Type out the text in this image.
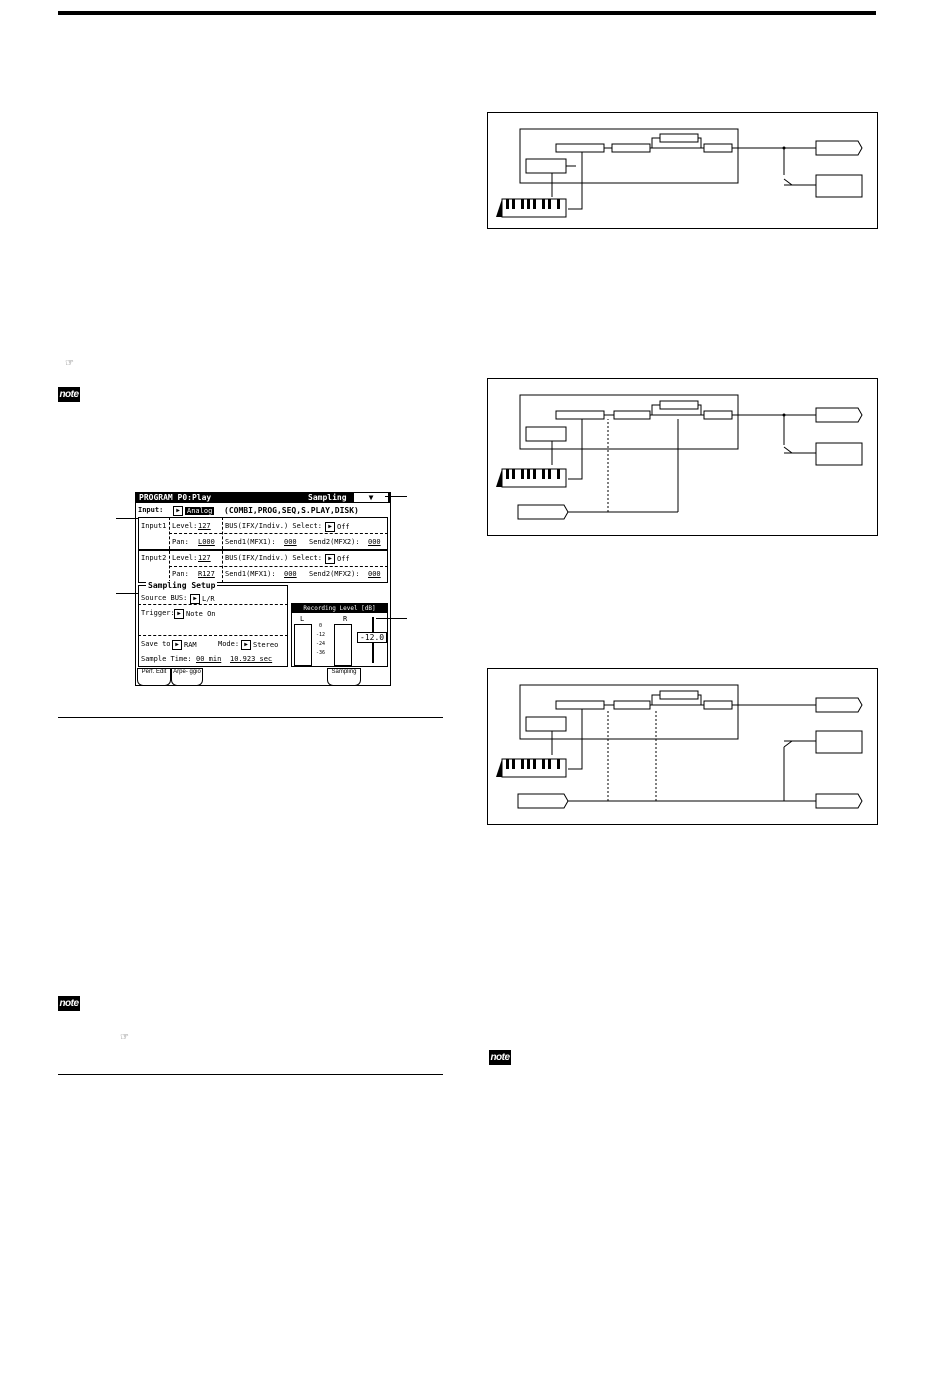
☞
note
PROGRAM P0:Play	Sampling	▼
Input:	▶ Analog (COMBI,PROG,SEQ,S.PLAY,DISK)
Input1 Level: 127 BUS(IFX/Indiv.) Select:	▶ Off
Pan: L000 Send1(MFX1): 000 Send2(MFX2): 000
Input2 Level: 127 BUS(IFX/Indiv.) Select:	▶ Off
Pan: R127 Send1(MFX1): 000 Send2(MFX2): 000
Sampling Setup
Source BUS: ▶ L/R
Trigger: ▶ Note On
Save to: ▶ RAM	Mode: ▶ Stereo
Sample Time: 00 min 10.923 sec
Recording Level [dB]
L	R
0
-12
-24
-36
-12.0
Perf. Edit	Arpe- ggio	Sampling
note
☞
note
